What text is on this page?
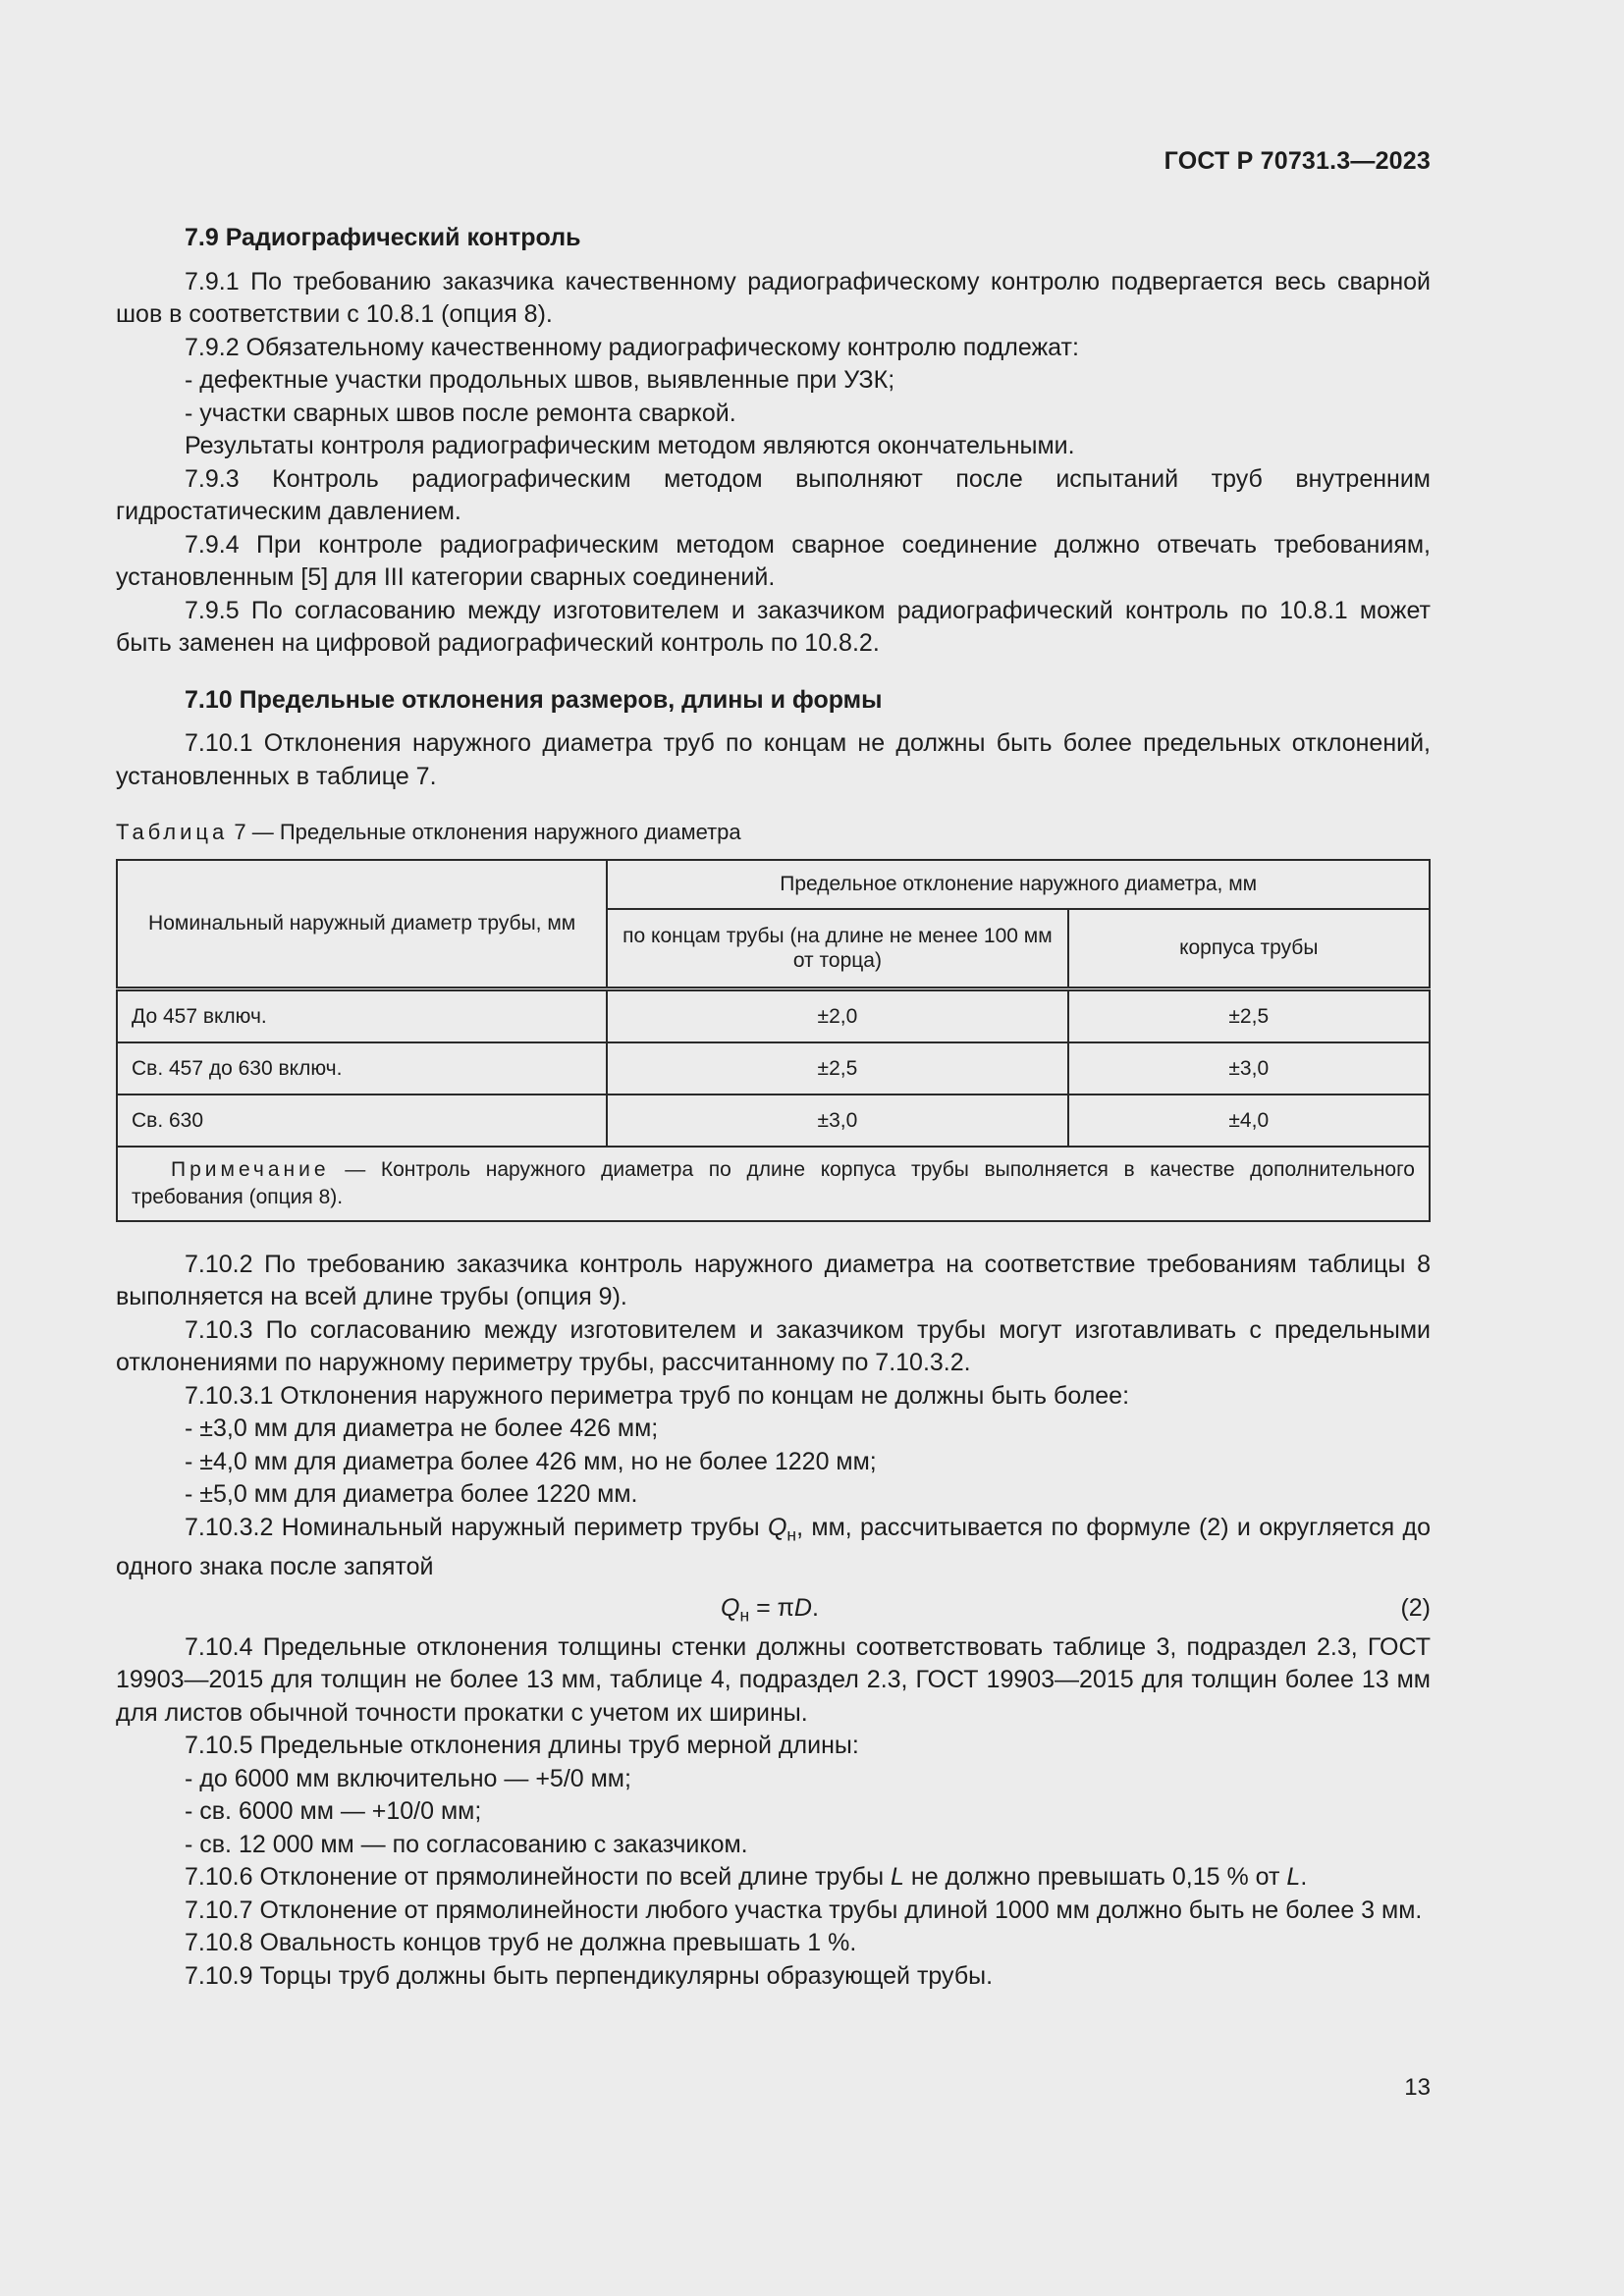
ГОСТ Р 70731.3—2023
7.9 Радиографический контроль

7.9.1 По требованию заказчика качественному радиографическому контролю подвергается весь сварной шов в соответствии с 10.8.1 (опция 8).

7.9.2 Обязательному качественному радиографическому контролю подлежат:

- дефектные участки продольных швов, выявленные при УЗК;

- участки сварных швов после ремонта сваркой.

Результаты контроля радиографическим методом являются окончательными.

7.9.3 Контроль радиографическим методом выполняют после испытаний труб внутренним гидростатическим давлением.

7.9.4 При контроле радиографическим методом сварное соединение должно отвечать требованиям, установленным [5] для III категории сварных соединений.

7.9.5 По согласованию между изготовителем и заказчиком радиографический контроль по 10.8.1 может быть заменен на цифровой радиографический контроль по 10.8.2.

7.10 Предельные отклонения размеров, длины и формы

7.10.1 Отклонения наружного диаметра труб по концам не должны быть более предельных отклонений, установленных в таблице 7.

Таблица 7 — Предельные отклонения наружного диаметра
Номинальный наружный диаметр трубы, мм	Предельное отклонение наружного диаметра, мм	
	по концам трубы (на длине не менее 100 мм от торца)	корпуса трубы
До 457 включ.	±2,0	±2,5
Св. 457 до 630 включ.	±2,5	±3,0
Св. 630	±3,0	±4,0
Примечание — Контроль наружного диаметра по длине корпуса трубы выполняется в качестве дополнительного требования (опция 8).		

7.10.2 По требованию заказчика контроль наружного диаметра на соответствие требованиям таблицы 8 выполняется на всей длине трубы (опция 9).

7.10.3 По согласованию между изготовителем и заказчиком трубы могут изготавливать с предельными отклонениями по наружному периметру трубы, рассчитанному по 7.10.3.2.

7.10.3.1 Отклонения наружного периметра труб по концам не должны быть более:

- ±3,0 мм для диаметра не более 426 мм;

- ±4,0 мм для диаметра более 426 мм, но не более 1220 мм;

- ±5,0 мм для диаметра более 1220 мм.

7.10.3.2 Номинальный наружный периметр трубы $Q_н$, мм, рассчитывается по формуле (2) и округляется до одного знака после запятой

$Q_н = \pi D$.	(2)

7.10.4 Предельные отклонения толщины стенки должны соответствовать таблице 3, подраздел 2.3, ГОСТ 19903—2015 для толщин не более 13 мм, таблице 4, подраздел 2.3, ГОСТ 19903—2015 для толщин более 13 мм для листов обычной точности прокатки с учетом их ширины.

7.10.5 Предельные отклонения длины труб мерной длины:

- до 6000 мм включительно — +5/0 мм;

- св. 6000 мм — +10/0 мм;

- св. 12 000 мм — по согласованию с заказчиком.

7.10.6 Отклонение от прямолинейности по всей длине трубы L не должно превышать 0,15 % от L.

7.10.7 Отклонение от прямолинейности любого участка трубы длиной 1000 мм должно быть не более 3 мм.

7.10.8 Овальность концов труб не должна превышать 1 %.

7.10.9 Торцы труб должны быть перпендикулярны образующей трубы.

13
